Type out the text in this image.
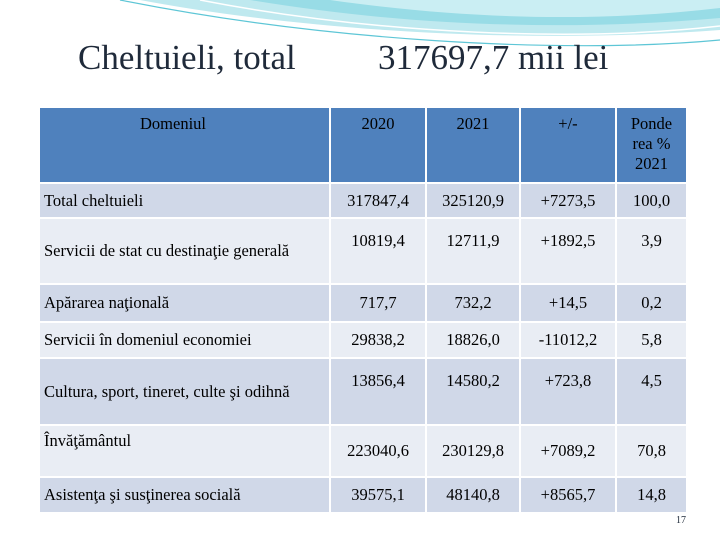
Cheltuieli, total 317697,7 mii lei
Domeniul	2020	2021	+/-	Ponde rea % 2021
Total cheltuieli	317847,4	325120,9	+7273,5	100,0
Servicii de stat cu destinaţie generală	10819,4	12711,9	+1892,5	3,9
Apărarea naţională	717,7	732,2	+14,5	0,2
Servicii în domeniul economiei	29838,2	18826,0	-11012,2	5,8
Cultura, sport, tineret, culte şi odihnă	13856,4	14580,2	+723,8	4,5
Învăţământul	223040,6	230129,8	+7089,2	70,8
Asistenţa şi susţinerea socială	39575,1	48140,8	+8565,7	14,8
17
